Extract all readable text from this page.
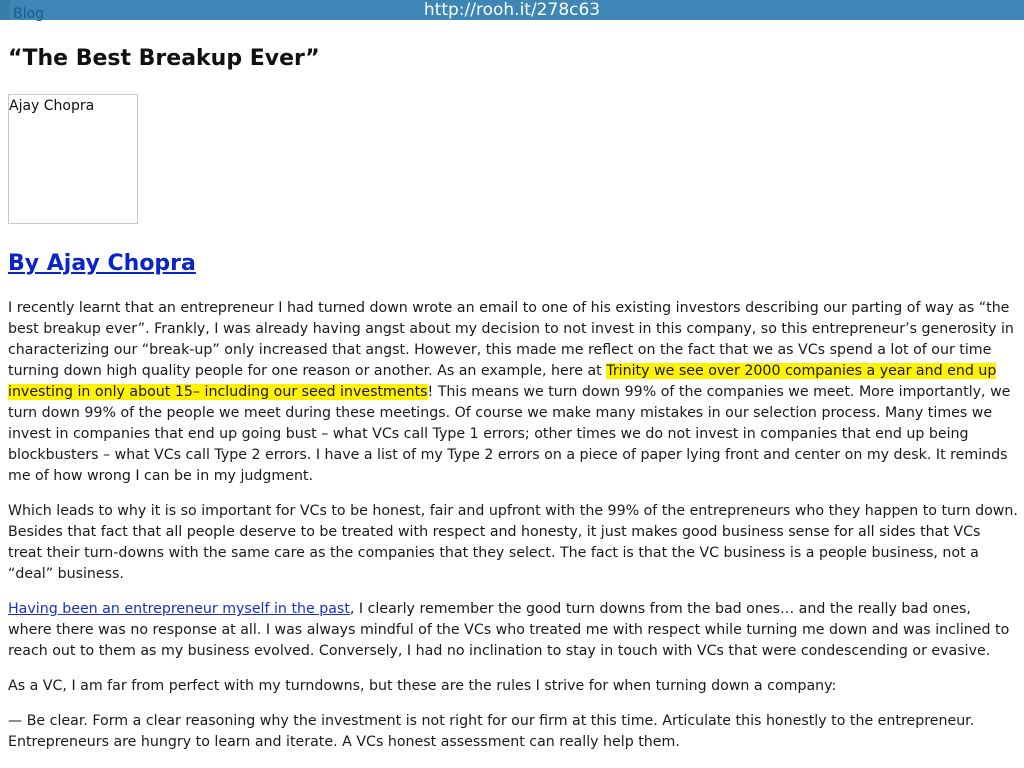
http://rooh.it/278c63
Blog
“The Best Breakup Ever”
Ajay Chopra
By Ajay Chopra

I recently learnt that an entrepreneur I had turned down wrote an email to one of his existing investors describing our parting of way as “the best breakup ever”. Frankly, I was already having angst about my decision to not invest in this company, so this entrepreneur’s generosity in characterizing our “break-up” only increased that angst. However, this made me reflect on the fact that we as VCs spend a lot of our time turning down high quality people for one reason or another. As an example, here at Trinity we see over 2000 companies a year and end up investing in only about 15– including our seed investments! This means we turn down 99% of the companies we meet. More importantly, we turn down 99% of the people we meet during these meetings. Of course we make many mistakes in our selection process. Many times we invest in companies that end up going bust – what VCs call Type 1 errors; other times we do not invest in companies that end up being blockbusters – what VCs call Type 2 errors. I have a list of my Type 2 errors on a piece of paper lying front and center on my desk. It reminds me of how wrong I can be in my judgment.

Which leads to why it is so important for VCs to be honest, fair and upfront with the 99% of the entrepreneurs who they happen to turn down. Besides that fact that all people deserve to be treated with respect and honesty, it just makes good business sense for all sides that VCs treat their turn-downs with the same care as the companies that they select. The fact is that the VC business is a people business, not a “deal” business.

Having been an entrepreneur myself in the past, I clearly remember the good turn downs from the bad ones… and the really bad ones, where there was no response at all. I was always mindful of the VCs who treated me with respect while turning me down and was inclined to reach out to them as my business evolved. Conversely, I had no inclination to stay in touch with VCs that were condescending or evasive.

As a VC, I am far from perfect with my turndowns, but these are the rules I strive for when turning down a company:

— Be clear. Form a clear reasoning why the investment is not right for our firm at this time. Articulate this honestly to the entrepreneur. Entrepreneurs are hungry to learn and iterate. A VCs honest assessment can really help them.
